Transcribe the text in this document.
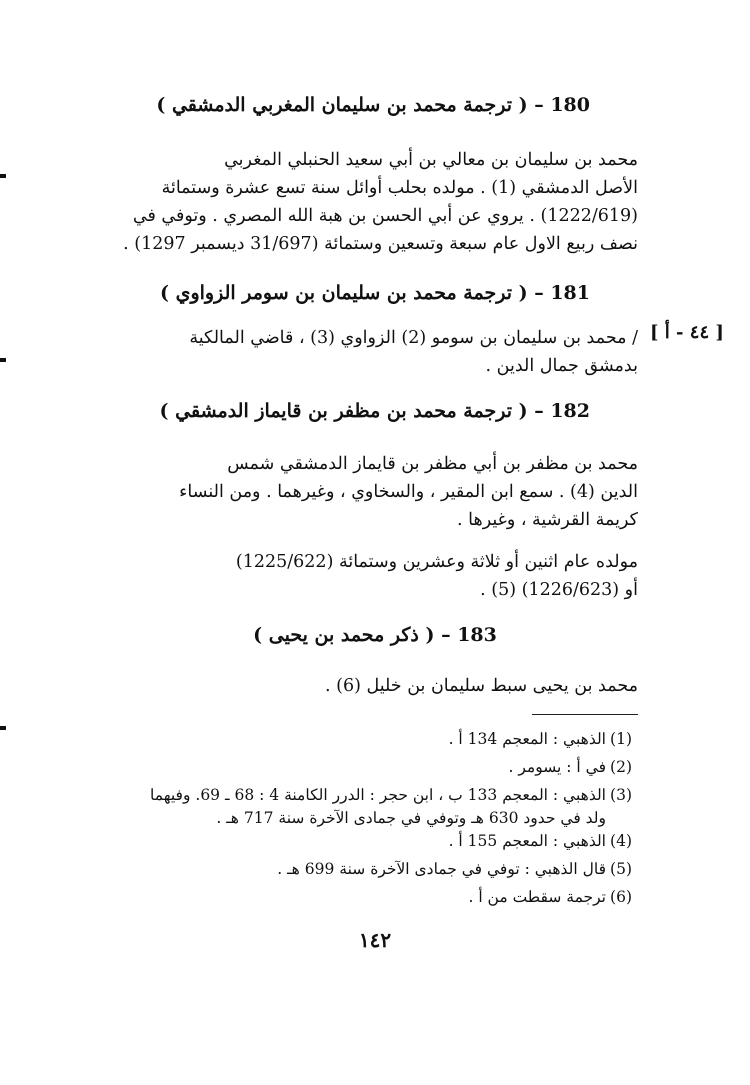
180 – ( ترجمة محمد بن سليمان المغربي الدمشقي )
محمد بن سليمان بن معالي بن أبي سعيد الحنبلي المغربي
الأصل الدمشقي (1) . مولده بحلب أوائل سنة تسع عشرة وستمائة
(1222/619) . يروي عن أبي الحسن بن هبة الله المصري . وتوفي في
نصف ربيع الاول عام سبعة وتسعين وستمائة (31/697 ديسمبر 1297) .
181 – ( ترجمة محمد بن سليمان بن سومر الزواوي )
[ ٤٤ - أ ]
/ محمد بن سليمان بن سومو (2) الزواوي (3) ، قاضي المالكية
بدمشق جمال الدين .
182 – ( ترجمة محمد بن مظفر بن قايماز الدمشقي )
محمد بن مظفر بن أبي مظفر بن قايماز الدمشقي شمس
الدين (4) . سمع ابن المقير ، والسخاوي ، وغيرهما . ومن النساء
كريمة القرشية ، وغيرها .
مولده عام اثنين أو ثلاثة وعشرين وستمائة (1225/622)
أو (1226/623) (5) .
183 – ( ذكر محمد بن يحيى )
محمد بن يحيى سبط سليمان بن خليل (6) .
(1)الذهبي : المعجم 134 أ .
(2)في أ : يسومر .
(3)الذهبي : المعجم 133 ب ، ابن حجر : الدرر الكامنة 4 : 68 ـ 69. وفيهما
ولد في حدود 630 هـ وتوفي في جمادى الآخرة سنة 717 هـ .
(4)الذهبي : المعجم 155 أ .
(5)قال الذهبي : توفي في جمادى الآخرة سنة 699 هـ .
(6)ترجمة سقطت من أ .
١٤٢
